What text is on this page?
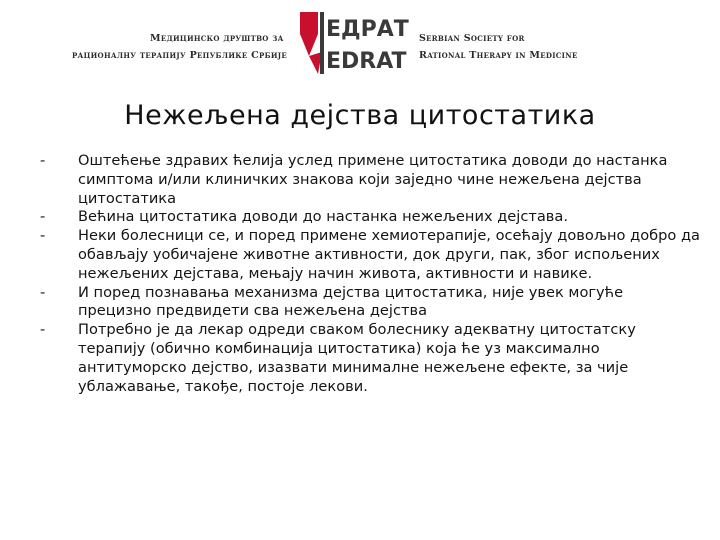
Медицинско друштво за
рационалну терапију Републике Србије
ЕДРАТ
EDRAT
Serbian Society for
Rational Therapy in Medicine
Нежељена дејства цитостатика
-	Оштећење здравих ћелија услед примене цитостатика доводи до настанка симптома и/или клиничких знакова који заједно чине нежељена дејства цитостатика
-	Већина цитостатика доводи до настанка нежељених дејстава.
-	Неки болесници се, и поред примене хемиотерапије, осећају довољно добро да обављају уобичајене животне активности, док други, пак, због испољених нежељених дејстава, мењају начин живота, активности и навике.
-	И поред познавања механизма дејства цитостатика, није увек могуће прецизно предвидети сва нежељена дејства
-	Потребно је да лекар одреди сваком болеснику адекватну цитостатску терапију (обично комбинација цитостатика) која ће уз максимално антитуморско дејство, изазвати минималне нежељене ефекте, за чије ублажавање, такође, постоје лекови.
